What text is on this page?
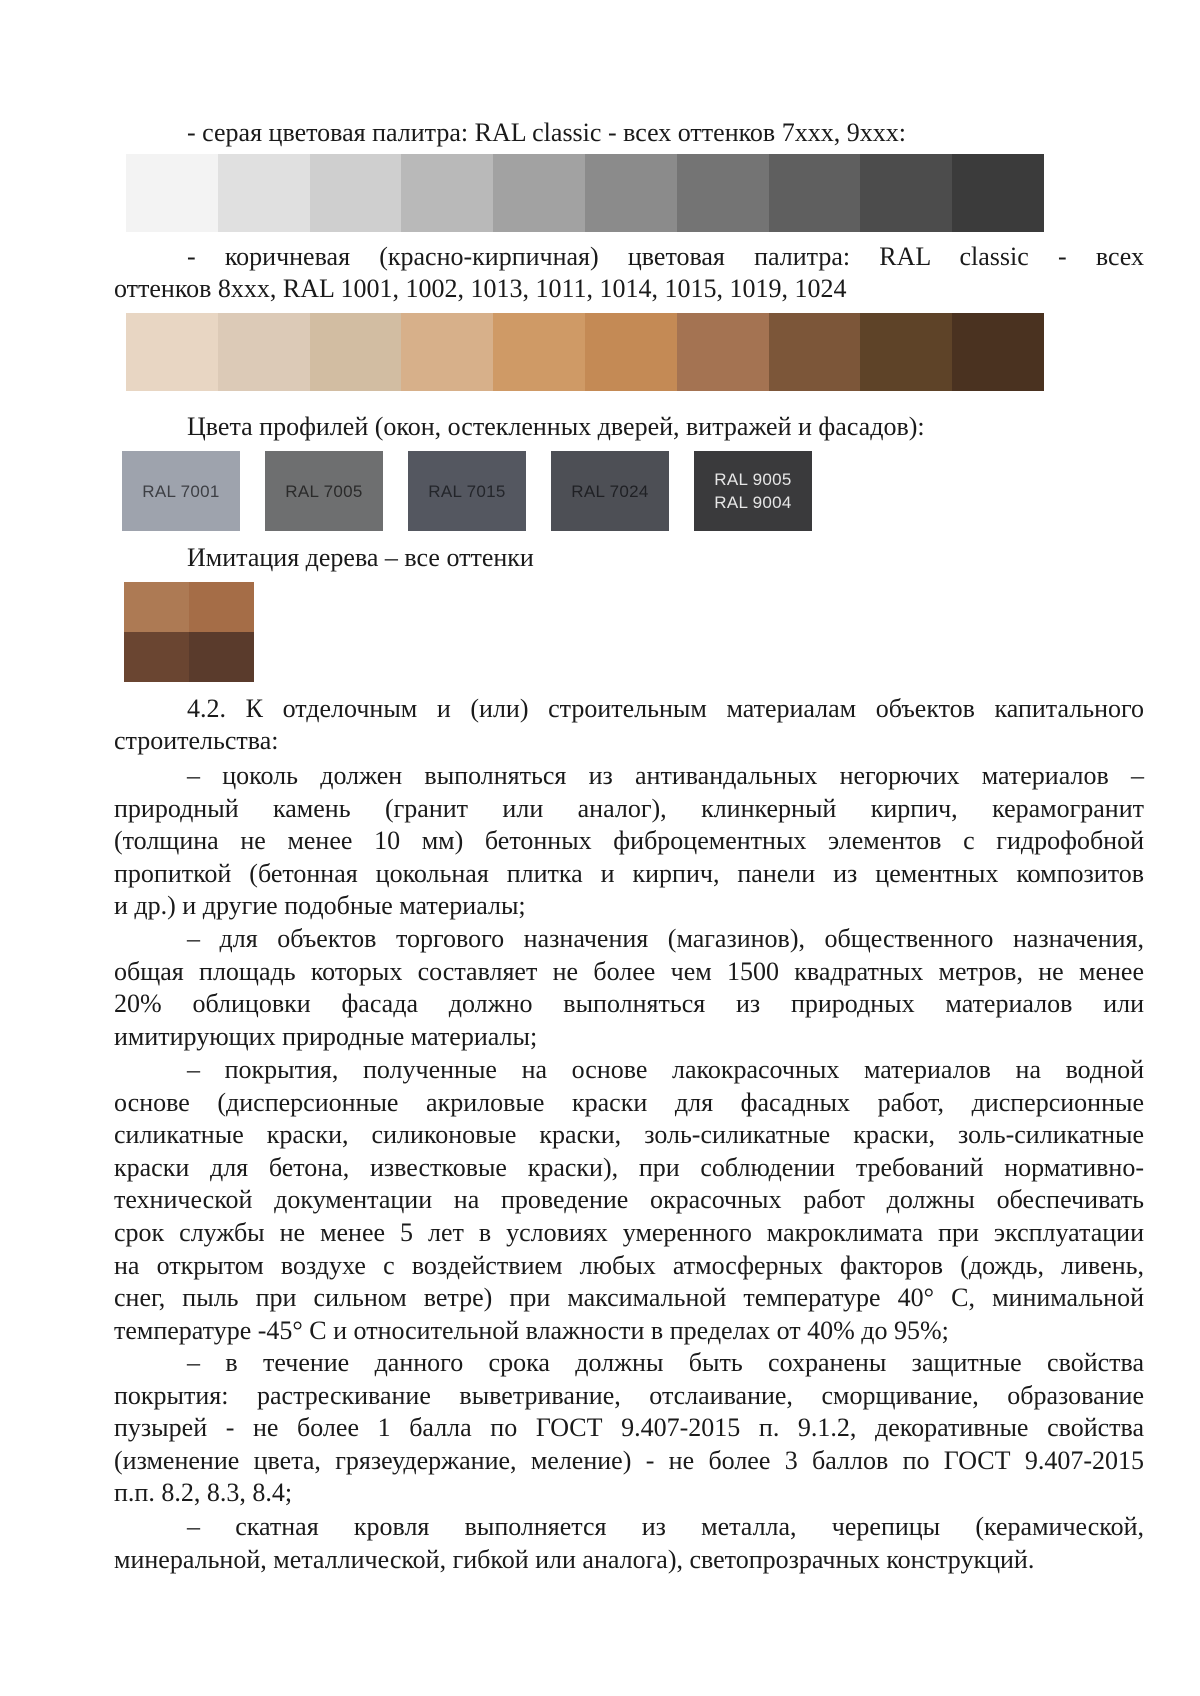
- серая цветовая палитра: RAL classic - всех оттенков 7ххх, 9ххх:
- коричневая (красно-кирпичная) цветовая палитра: RAL classic - всех
оттенков 8ххх, RAL 1001, 1002, 1013, 1011, 1014, 1015, 1019, 1024
Цвета профилей (окон, остекленных дверей, витражей и фасадов):
RAL 7001	RAL 7005	RAL 7015	RAL 7024
RAL 9005
RAL 9004
Имитация дерева – все оттенки
4.2. К отделочным и (или) строительным материалам объектов капитального
строительства:
– цоколь должен выполняться из антивандальных негорючих материалов –
природный камень (гранит или аналог), клинкерный кирпич, керамогранит
(толщина не менее 10 мм) бетонных фиброцементных элементов с гидрофобной
пропиткой (бетонная цокольная плитка и кирпич, панели из цементных композитов
и др.) и другие подобные материалы;
– для объектов торгового назначения (магазинов), общественного назначения,
общая площадь которых составляет не более чем 1500 квадратных метров, не менее
20% облицовки фасада должно выполняться из природных материалов или
имитирующих природные материалы;
– покрытия, полученные на основе лакокрасочных материалов на водной
основе (дисперсионные акриловые краски для фасадных работ, дисперсионные
силикатные краски, силиконовые краски, золь-силикатные краски, золь-силикатные
краски для бетона, известковые краски), при соблюдении требований нормативно-
технической документации на проведение окрасочных работ должны обеспечивать
срок службы не менее 5 лет в условиях умеренного макроклимата при эксплуатации
на открытом воздухе с воздействием любых атмосферных факторов (дождь, ливень,
снег, пыль при сильном ветре) при максимальной температуре 40° С, минимальной
температуре -45° С и относительной влажности в пределах от 40% до 95%;
– в течение данного срока должны быть сохранены защитные свойства
покрытия: растрескивание выветривание, отслаивание, сморщивание, образование
пузырей - не более 1 балла по ГОСТ 9.407-2015 п. 9.1.2, декоративные свойства
(изменение цвета, грязеудержание, меление) - не более 3 баллов по ГОСТ 9.407-2015
п.п. 8.2, 8.3, 8.4;
– скатная кровля выполняется из металла, черепицы (керамической,
минеральной, металлической, гибкой или аналога), светопрозрачных конструкций.
